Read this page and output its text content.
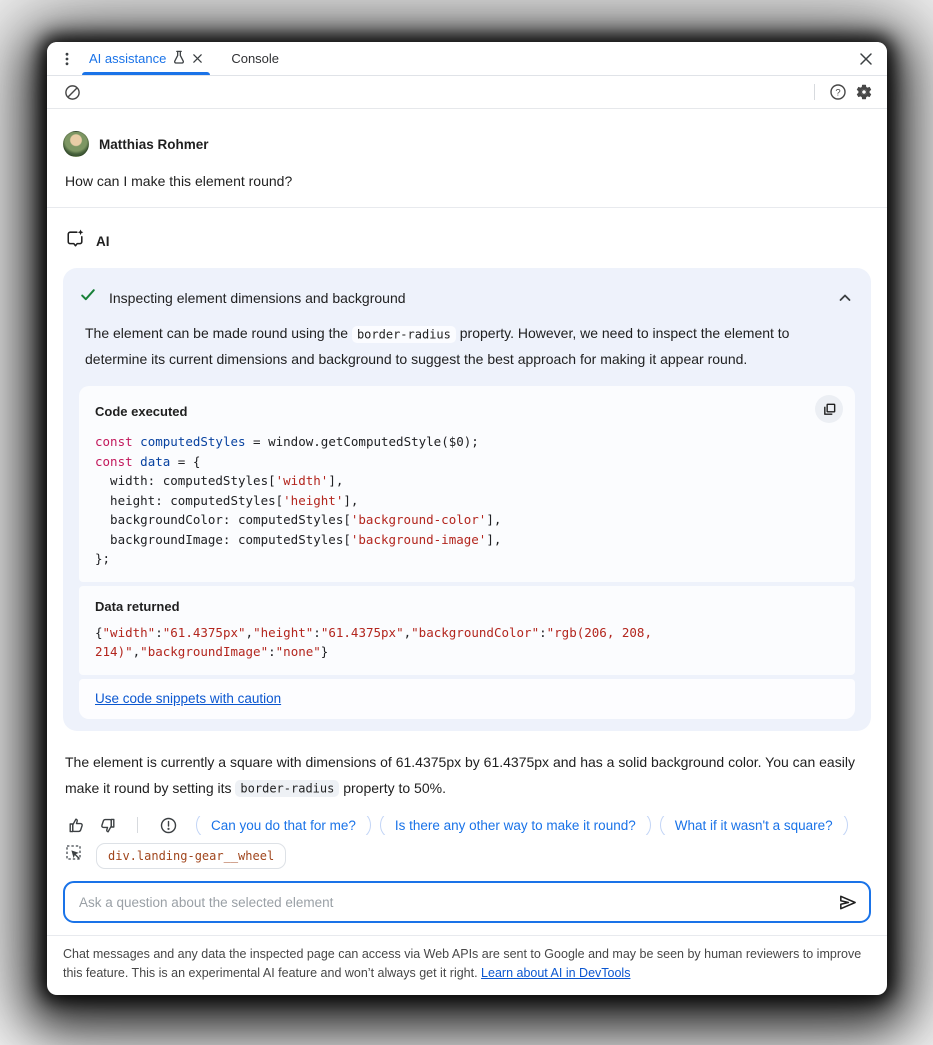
AI assistance	Console
?
Matthias Rohmer

How can I make this element round?

AI
Inspecting element dimensions and background

The element can be made round using the border-radius property. However, we need to inspect the element to determine its current dimensions and background to suggest the best approach for making it appear round.

Code executed
const computedStyles = window.getComputedStyle($0);
const data = {
width: computedStyles['width'],
height: computedStyles['height'],
backgroundColor: computedStyles['background-color'],
backgroundImage: computedStyles['background-image'],
};
Data returned
{"width":"61.4375px","height":"61.4375px","backgroundColor":"rgb(206, 208, 214)","backgroundImage":"none"}
Use code snippets with caution

The element is currently a square with dimensions of 61.4375px by 61.4375px and has a solid background color. You can easily make it round by setting its border-radius property to 50%.

Can you do that for me?	Is there any other way to make it round?	What if it wasn't a square?
div.landing-gear__wheel
Ask a question about the selected element
Chat messages and any data the inspected page can access via Web APIs are sent to Google and may be seen by human reviewers to improve this feature. This is an experimental AI feature and won’t always get it right. Learn about AI in DevTools
